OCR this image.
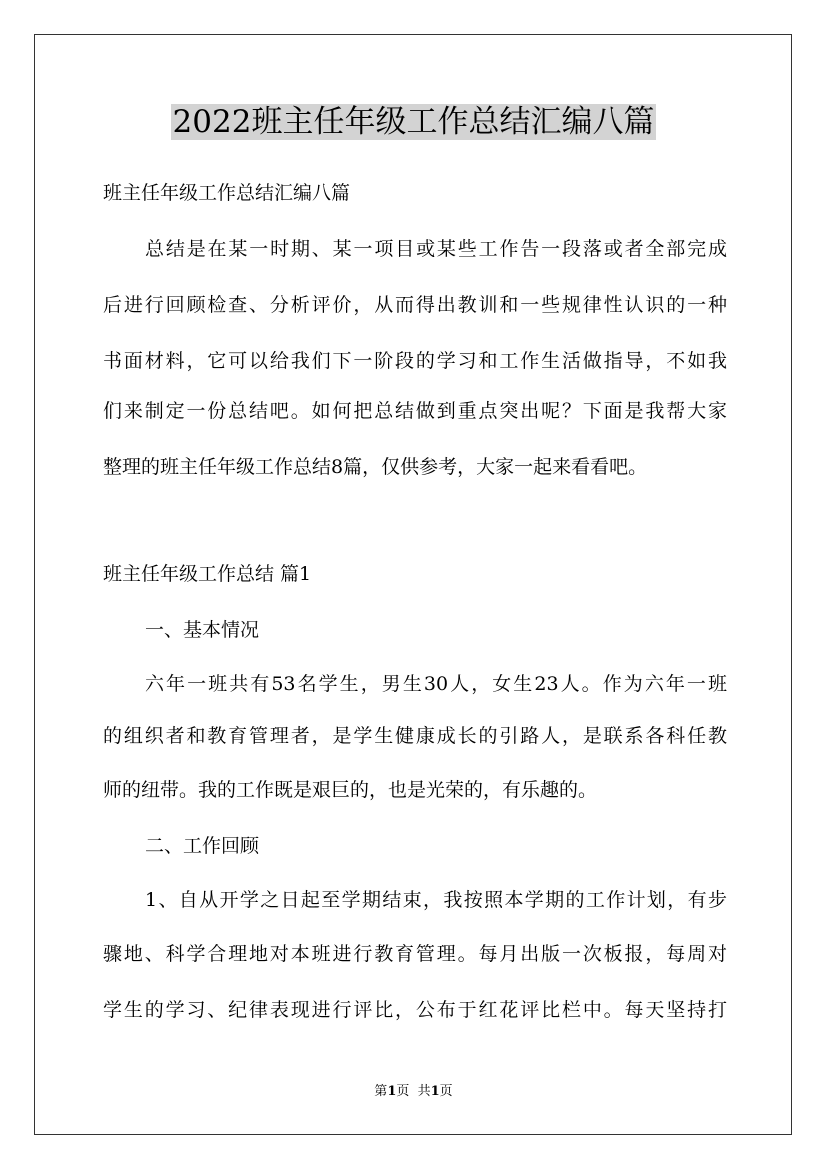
2022班主任年级工作总结汇编八篇
班主任年级工作总结汇编八篇
总结是在某一时期、某一项目或某些工作告一段落或者全部完成
后进行回顾检查、分析评价，从而得出教训和一些规律性认识的一种
书面材料，它可以给我们下一阶段的学习和工作生活做指导，不如我
们来制定一份总结吧。如何把总结做到重点突出呢？下面是我帮大家
整理的班主任年级工作总结8篇，仅供参考，大家一起来看看吧。
班主任年级工作总结 篇1
一、基本情况
六年一班共有53名学生，男生30人，女生23人。作为六年一班
的组织者和教育管理者，是学生健康成长的引路人，是联系各科任教
师的纽带。我的工作既是艰巨的，也是光荣的，有乐趣的。
二、工作回顾
1、自从开学之日起至学期结束，我按照本学期的工作计划，有步
骤地、科学合理地对本班进行教育管理。每月出版一次板报，每周对
学生的学习、纪律表现进行评比，公布于红花评比栏中。每天坚持打
第1页  共1页
